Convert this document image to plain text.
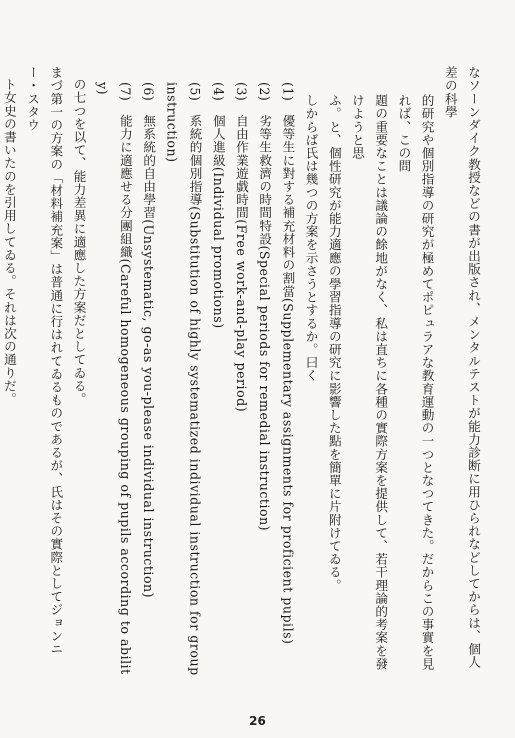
なソーンダイク教授などの書が出版され、メンタルテストが能力診断に用ひられなどしてからは、個人差の科學
的研究や個別指導の研究が極めてポピュラアな教育運動の一つとなつてきた。だからこの事實を見れば、この問
題の重要なことは議論の餘地がなく、私は直ちに各種の實際方案を提供して、若干理論的考案を發けようと思
ふ。と、個性研究が能力適應の學習指導の研究に影響した點を簡單に片附けてゐる。
しからば氏は幾つの方案を示さうとするか。曰く
(1)　優等生に對する補充材料の割當(Supplementary assignments for proficient pupils)
(2)　劣等生救濟の時間特設(Special periods for remedial instruction)
(3)　自由作業遊戯時間(Free work-and-play period)
(4)　個人進級(Individual promotions)
(5)　系統的個別指導(Substitution of highly systematized individual instruction for group instruction)
(6)　無系統的自由學習(Unsystematic, go-as you-please individual instruction)
(7)　能力に適應せる分團組織(Careful homogeneous grouping of pupils according to ability)
の七つを以て、能力差異に適應した方案だとしてゐる。
まづ第一の方案の「材料補充案」は普通に行はれてゐるものであるが、氏はその實際としてジョンニー・スタウ
ト女史の書いたのを引用してゐる。それは次の通りだ。
26
